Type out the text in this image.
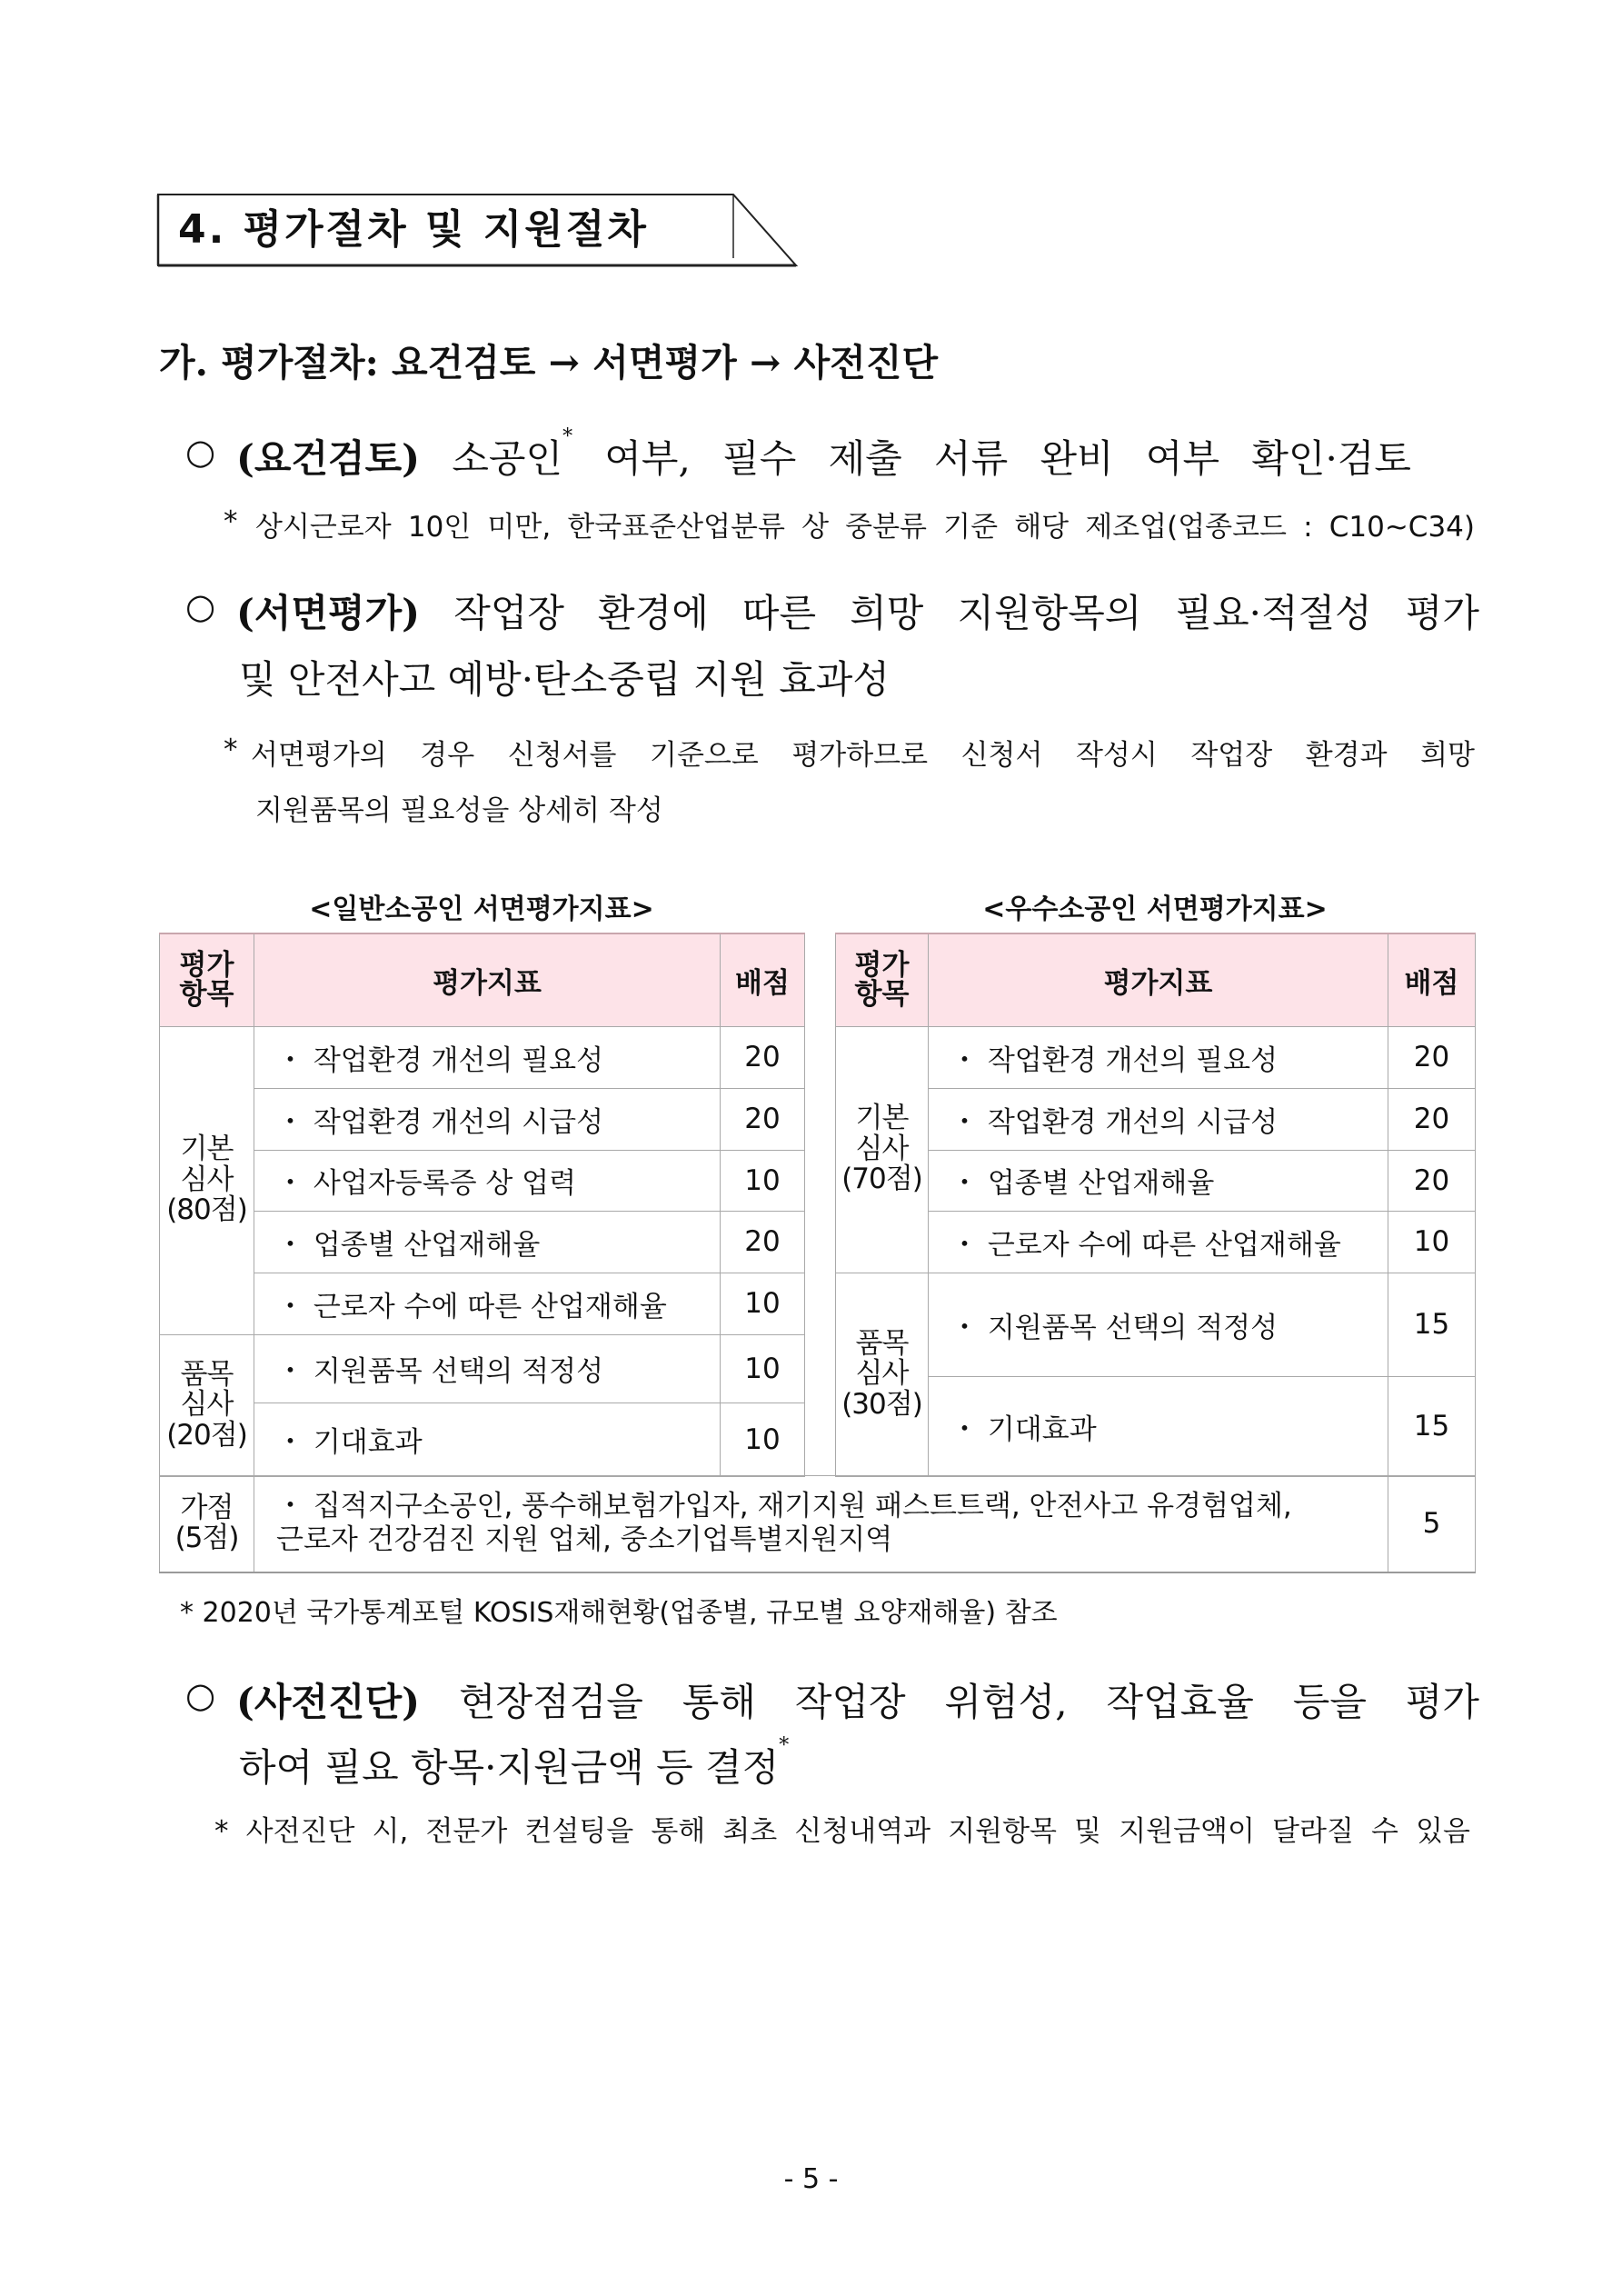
4. 평가절차 및 지원절차
가. 평가절차: 요건검토 → 서면평가 → 사전진단
○ (요건검토) 소공인* 여부, 필수 제출 서류 완비 여부 확인·검토
* 상시근로자 10인 미만, 한국표준산업분류 상 중분류 기준 해당 제조업(업종코드 : C10~C34)
○ (서면평가) 작업장 환경에 따른 희망 지원항목의 필요·적절성 평가
및 안전사고 예방·탄소중립 지원 효과성
* 서면평가의 경우 신청서를 기준으로 평가하므로 신청서 작성시 작업장 환경과 희망
지원품목의 필요성을 상세히 작성
<일반소공인 서면평가지표>	<우수소공인 서면평가지표>
평가
항목	평가지표	배점
기본
심사
(80점)	・ 작업환경 개선의 필요성	20
	・ 작업환경 개선의 시급성	20
	・ 사업자등록증 상 업력	10
	・ 업종별 산업재해율	20
	・ 근로자 수에 따른 산업재해율	10
품목
심사
(20점)	・ 지원품목 선택의 적정성	10
	・ 기대효과	10
평가
항목	평가지표	배점
기본
심사
(70점)	・ 작업환경 개선의 필요성	20
	・ 작업환경 개선의 시급성	20
	・ 업종별 산업재해율	20
	・ 근로자 수에 따른 산업재해율	10
품목
심사
(30점)	・ 지원품목 선택의 적정성	15
	・ 기대효과	15
가점
(5점)	・ 집적지구소공인, 풍수해보험가입자, 재기지원 패스트트랙, 안전사고 유경험업체,
근로자 건강검진 지원 업체, 중소기업특별지원지역	5
* 2020년 국가통계포털 KOSIS재해현황(업종별, 규모별 요양재해율) 참조
○ (사전진단) 현장점검을 통해 작업장 위험성, 작업효율 등을 평가
하여 필요 항목·지원금액 등 결정*
* 사전진단 시, 전문가 컨설팅을 통해 최초 신청내역과 지원항목 및 지원금액이 달라질 수 있음
- 5 -
